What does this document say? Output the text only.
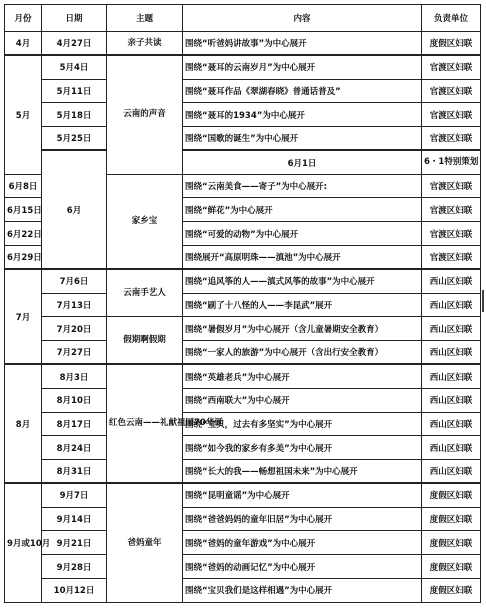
月份	日期	主题	内容	负责单位	
4月	4月27日	亲子共读	围绕“听爸妈讲故事”为中心展开	度假区妇联	
5月	5月4日	云南的声音	围绕“聂耳的云南岁月”为中心展开	官渡区妇联	
	5月11日		围绕“聂耳作品《翠湖春晓》普通话普及”	官渡区妇联	
	5月18日		围绕“聂耳的1934”为中心展开	官渡区妇联	
	5月25日		围绕“国歌的诞生”为中心展开	官渡区妇联	
	6月		6月1日	6・1特别策划		
6月8日		家乡宝	围绕“云南美食——寄子”为中心展开:	官渡区妇联	
6月15日			围绕“鲜花”为中心展开	官渡区妇联	
6月22日			围绕“可爱的动物”为中心展开	官渡区妇联	
6月29日			围绕展开“高原明珠——滇池”为中心展开	官渡区妇联	
7月	7月6日	云南手艺人	围绕“追风筝的人——滇式风筝的故事”为中心展开	西山区妇联	
	7月13日		围绕“刷了十八怪的人——李昆武”展开	西山区妇联	
	7月20日	假期啊假期	围绕“暑假岁月”为中心展开（含儿童暑期安全教育）	西山区妇联	
	7月27日		围绕“一家人的旅游”为中心展开（含出行安全教育）	西山区妇联	
8月	8月3日	红色云南——礼献祖国70华诞	围绕“英雄老兵”为中心展开	西山区妇联	
	8月10日		围绕“西南联大”为中心展开	西山区妇联	
	8月17日		围绕“宝贝，过去有多坚实”为中心展开	西山区妇联	
	8月24日		围绕“如今我的家乡有多美”为中心展开	西山区妇联	
	8月31日		围绕“长大的我——畅想祖国未来”为中心展开	西山区妇联	
9月或10月	9月7日	爸妈童年	围绕“昆明童谣”为中心展开	度假区妇联	
	9月14日		围绕“爸爸妈妈的童年旧居”为中心展开	度假区妇联	
	9月21日		围绕“爸妈的童年游戏”为中心展开	度假区妇联	
	9月28日		围绕“爸妈的动画记忆”为中心展开	度假区妇联	
	10月12日		围绕“宝贝我们是这样相遇”为中心展开	度假区妇联	
